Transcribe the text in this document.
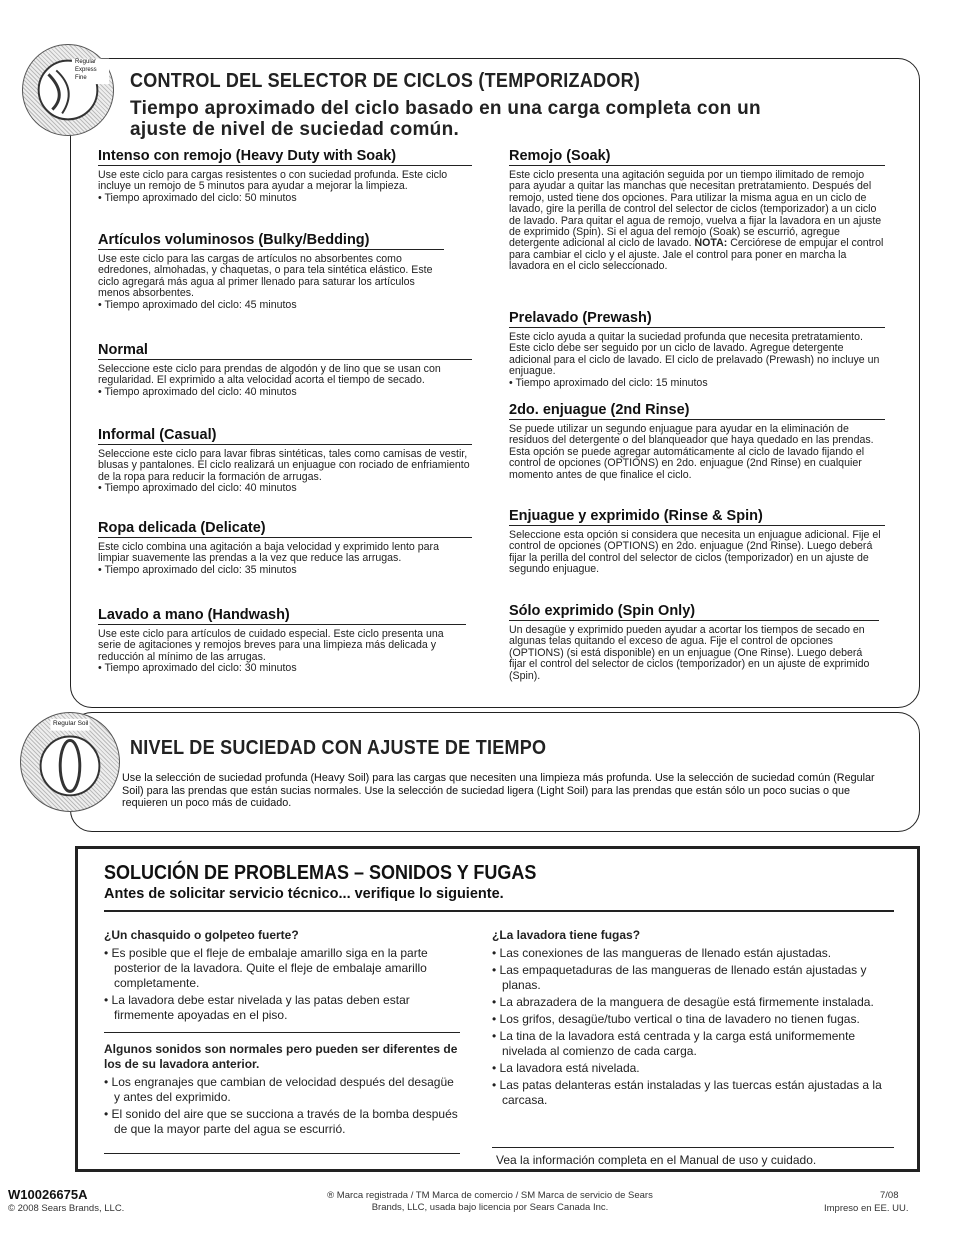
Regular
Express
Fine CONTROL DEL SELECTOR DE CICLOS (TEMPORIZADOR)
Tiempo aproximado del ciclo basado en una carga completa con un
ajuste de nivel de suciedad común.
Intenso con remojo (Heavy Duty with Soak)

Use este ciclo para cargas resistentes o con suciedad profunda. Este ciclo incluye un remojo de 5 minutos para ayudar a mejorar la limpieza.

• Tiempo aproximado del ciclo: 50 minutos

Artículos voluminosos (Bulky/Bedding)

Use este ciclo para las cargas de artículos no absorbentes como edredones, almohadas, y chaquetas, o para tela sintética elástico. Este ciclo agregará más agua al primer llenado para saturar los artículos menos absorbentes.

• Tiempo aproximado del ciclo: 45 minutos

Normal

Seleccione este ciclo para prendas de algodón y de lino que se usan con regularidad. El exprimido a alta velocidad acorta el tiempo de secado.

• Tiempo aproximado del ciclo: 40 minutos

Informal (Casual)

Seleccione este ciclo para lavar fibras sintéticas, tales como camisas de vestir, blusas y pantalones. El ciclo realizará un enjuague con rociado de enfriamiento de la ropa para reducir la formación de arrugas.

• Tiempo aproximado del ciclo: 40 minutos

Ropa delicada (Delicate)

Este ciclo combina una agitación a baja velocidad y exprimido lento para limpiar suavemente las prendas a la vez que reduce las arrugas.

• Tiempo aproximado del ciclo: 35 minutos

Lavado a mano (Handwash)

Use este ciclo para artículos de cuidado especial. Este ciclo presenta una serie de agitaciones y remojos breves para una limpieza más delicada y reducción al mínimo de las arrugas.

• Tiempo aproximado del ciclo: 30 minutos

Remojo (Soak)

Este ciclo presenta una agitación seguida por un tiempo ilimitado de remojo para ayudar a quitar las manchas que necesitan pretratamiento. Después del remojo, usted tiene dos opciones. Para utilizar la misma agua en un ciclo de lavado, gire la perilla de control del selector de ciclos (temporizador) a un ciclo de lavado. Para quitar el agua de remojo, vuelva a fijar la lavadora en un ajuste de exprimido (Spin). Si el agua del remojo (Soak) se escurrió, agregue detergente adicional al ciclo de lavado. NOTA: Cerciórese de empujar el control para cambiar el ciclo y el ajuste. Jale el control para poner en marcha la lavadora en el ciclo seleccionado.

Prelavado (Prewash)

Este ciclo ayuda a quitar la suciedad profunda que necesita pretratamiento. Este ciclo debe ser seguido por un ciclo de lavado. Agregue detergente adicional para el ciclo de lavado. El ciclo de prelavado (Prewash) no incluye un enjuague.

• Tiempo aproximado del ciclo: 15 minutos

2do. enjuague (2nd Rinse)

Se puede utilizar un segundo enjuague para ayudar en la eliminación de residuos del detergente o del blanqueador que haya quedado en las prendas. Esta opción se puede agregar automáticamente al ciclo de lavado fijando el control de opciones (OPTIONS) en 2do. enjuague (2nd Rinse) en cualquier momento antes de que finalice el ciclo.

Enjuague y exprimido (Rinse & Spin)

Seleccione esta opción si considera que necesita un enjuague adicional. Fije el control de opciones (OPTIONS) en 2do. enjuague (2nd Rinse). Luego deberá fijar la perilla del control del selector de ciclos (temporizador) en un ajuste de segundo enjuague.

Sólo exprimido (Spin Only)

Un desagüe y exprimido pueden ayudar a acortar los tiempos de secado en algunas telas quitando el exceso de agua. Fije el control de opciones (OPTIONS) (si está disponible) en un enjuague (One Rinse). Luego deberá fijar el control del selector de ciclos (temporizador) en un ajuste de exprimido (Spin).

Regular Soil
NIVEL DE SUCIEDAD CON AJUSTE DE TIEMPO

Use la selección de suciedad profunda (Heavy Soil) para las cargas que necesiten una limpieza más profunda. Use la selección de suciedad común (Regular Soil) para las prendas que están sucias normales. Use la selección de suciedad ligera (Light Soil) para las prendas que están sólo un poco sucias o que requieren un poco más de cuidado.

SOLUCIÓN DE PROBLEMAS – SONIDOS Y FUGAS
Antes de solicitar servicio técnico... verifique lo siguiente.
¿Un chasquido o golpeteo fuerte?
• Es posible que el fleje de embalaje amarillo siga en la parte posterior de la lavadora. Quite el fleje de embalaje amarillo completamente.
• La lavadora debe estar nivelada y las patas deben estar firmemente apoyadas en el piso.
Algunos sonidos son normales pero pueden ser diferentes de los de su lavadora anterior.
• Los engranajes que cambian de velocidad después del desagüe y antes del exprimido.
• El sonido del aire que se succiona a través de la bomba después de que la mayor parte del agua se escurrió.
¿La lavadora tiene fugas?
• Las conexiones de las mangueras de llenado están ajustadas.
• Las empaquetaduras de las mangueras de llenado están ajustadas y planas.
• La abrazadera de la manguera de desagüe está firmemente instalada.
• Los grifos, desagüe/tubo vertical o tina de lavadero no tienen fugas.
• La tina de la lavadora está centrada y la carga está uniformemente nivelada al comienzo de cada carga.
• La lavadora está nivelada.
• Las patas delanteras están instaladas y las tuercas están ajustadas a la carcasa.
Vea la información completa en el Manual de uso y cuidado.
W10026675A
© 2008 Sears Brands, LLC.
® Marca registrada / TM Marca de comercio / SM Marca de servicio de Sears Brands, LLC, usada bajo licencia por Sears Canada Inc.
7/08
Impreso en EE. UU.
